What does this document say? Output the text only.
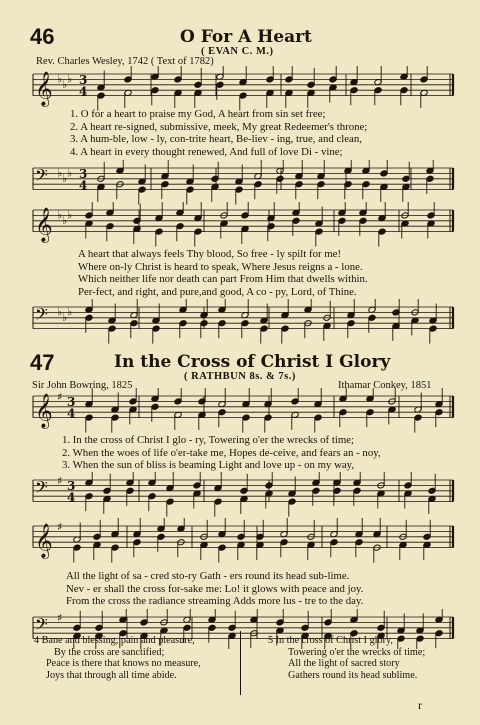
46	O For A Heart
( EVAN C. M.)
Rev. Charles Wesley, 1742 ( Text of 1782)
𝄞 ♭ ♭ ♭ 3
4
1. O for a heart to praise my God, A heart from sin set free;
2. A heart re-signed, submissive, meek, My great Redeemer's throne;
3. A hum-ble, low - ly, con-trite heart, Be-liev - ing, true, and clean,
4. A heart in every thought renewed, And full of love Di - vine;
𝄢 ♭ ♭ ♭ 3
4
𝄞 ♭ ♭ ♭
A heart that always feels Thy blood, So free - ly spilt for me!
Where on-ly Christ is heard to speak, Where Jesus reigns a - lone.
Which neither life nor death can part From Him that dwells within.
Per-fect, and right, and pure,and good, A co - py, Lord, of Thine.
𝄢 ♭ ♭ ♭
47	In the Cross of Christ I Glory
( RATHBUN 8s. & 7s.)
Sir John Bowring, 1825	Ithamar Conkey, 1851
𝄞 ♯ 3
4
1. In the cross of Christ I glo - ry, Towering o'er the wrecks of time;
2. When the woes of life o'er-take me, Hopes de-ceive, and fears an - noy,
3. When the sun of bliss is beaming Light and love up - on my way,
𝄢 ♯ 3
4
𝄞 ♯
All the light of sa - cred sto-ry Gath - ers round its head sub-lime.
Nev - er shall the cross for-sake me: Lo! it glows with peace and joy.
From the cross the radiance streaming Adds more lus - tre to the day.
𝄢 ♯
4 Bane and blessing, pain and pleasure,
By the cross are sanctified;
Peace is there that knows no measure,
Joys that through all time abide.
5 In the cross of Christ I glory,
Towering o'er the wrecks of time;
All the light of sacred story
Gathers round its head sublime.
r
